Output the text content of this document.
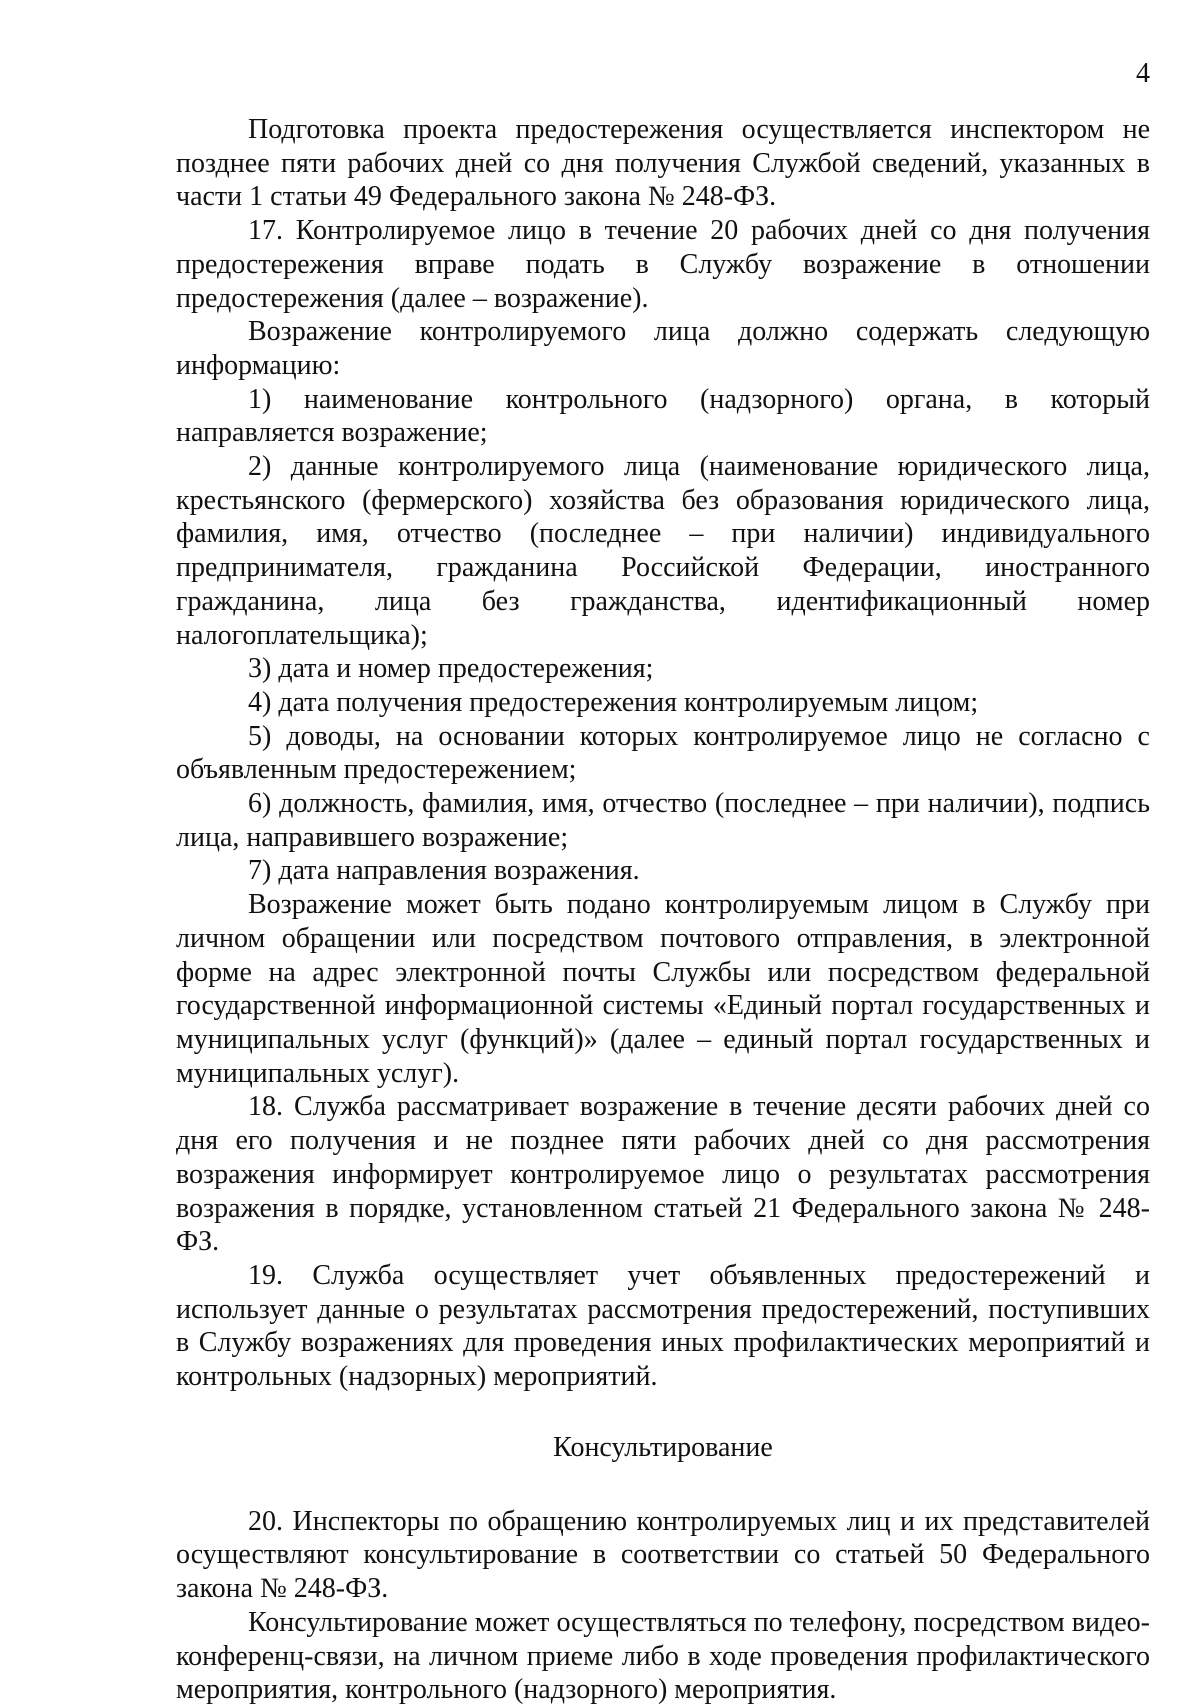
4

Подготовка проекта предостережения осуществляется инспектором не позднее пяти рабочих дней со дня получения Службой сведений, указанных в части 1 статьи 49 Федерального закона № 248-ФЗ.

17. Контролируемое лицо в течение 20 рабочих дней со дня получения предостережения вправе подать в Службу возражение в отношении предостережения (далее – возражение).

Возражение контролируемого лица должно содержать следующую информацию:

1) наименование контрольного (надзорного) органа, в который направляется возражение;

2) данные контролируемого лица (наименование юридического лица, крестьянского (фермерского) хозяйства без образования юридического лица, фамилия, имя, отчество (последнее – при наличии) индивидуального предпринимателя, гражданина Российской Федерации, иностранного гражданина, лица без гражданства, идентификационный номер налогоплательщика);

3) дата и номер предостережения;

4) дата получения предостережения контролируемым лицом;

5) доводы, на основании которых контролируемое лицо не согласно с объявленным предостережением;

6) должность, фамилия, имя, отчество (последнее – при наличии), подпись лица, направившего возражение;

7) дата направления возражения.

Возражение может быть подано контролируемым лицом в Службу при личном обращении или посредством почтового отправления, в электронной форме на адрес электронной почты Службы или посредством федеральной государственной информационной системы «Единый портал государственных и муниципальных услуг (функций)» (далее – единый портал государственных и муниципальных услуг).

18. Служба рассматривает возражение в течение десяти рабочих дней со дня его получения и не позднее пяти рабочих дней со дня рассмотрения возражения информирует контролируемое лицо о результатах рассмотрения возражения в порядке, установленном статьей 21 Федерального закона № 248-ФЗ.

19. Служба осуществляет учет объявленных предостережений и использует данные о результатах рассмотрения предостережений, поступивших в Службу возражениях для проведения иных профилактических мероприятий и контрольных (надзорных) мероприятий.

Консультирование

20. Инспекторы по обращению контролируемых лиц и их представителей осуществляют консультирование в соответствии со статьей 50 Федерального закона № 248-ФЗ.

Консультирование может осуществляться по телефону, посредством видео-конференц-связи, на личном приеме либо в ходе проведения профилактического мероприятия, контрольного (надзорного) мероприятия.
